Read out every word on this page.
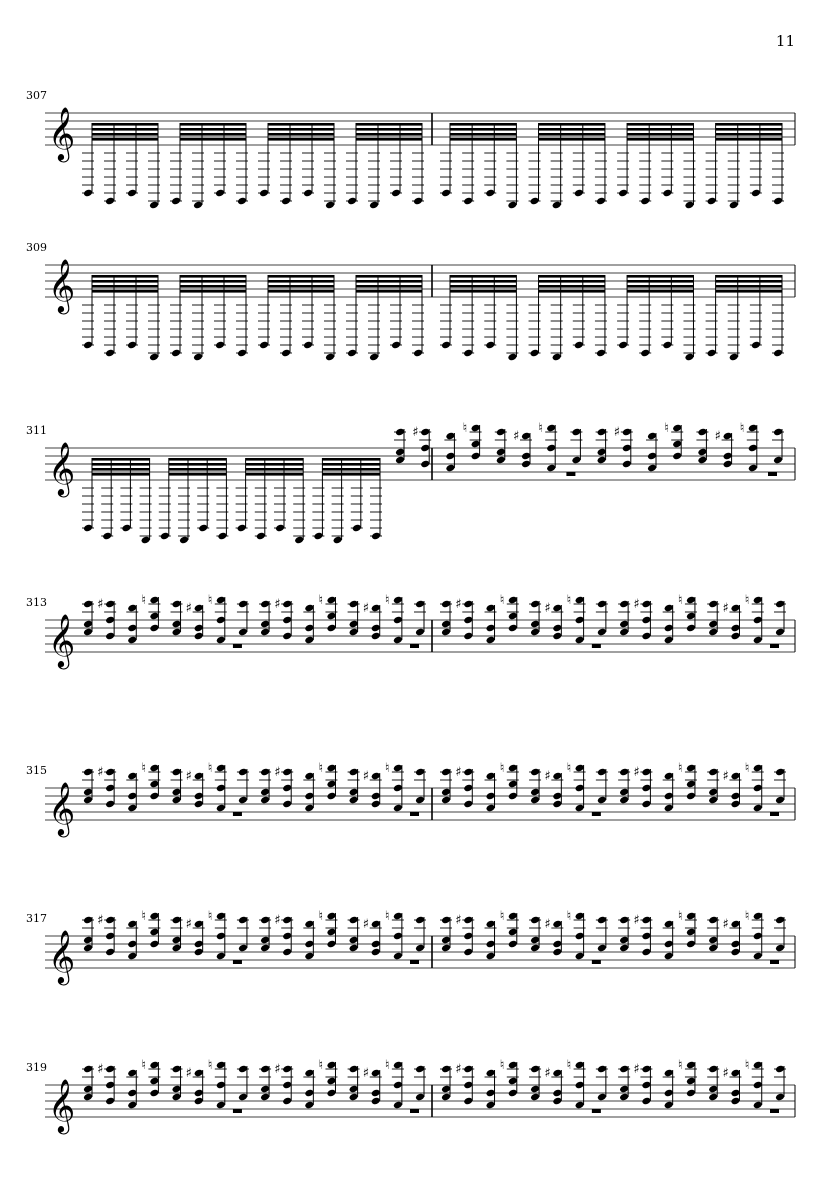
11
307
309
311
313
315
317
319
𝄞
𝄞
𝄞
♯	♮
♯
♮	♯	♮
♯
♮
𝄞
♯	♮
♯
♮	♯	♮
♯
♮	♯	♮
♯
♮	♯	♮
♯
♮
𝄞
♯	♮
♯
♮	♯	♮
♯
♮	♯	♮
♯
♮	♯	♮
♯
♮
𝄞
♯	♮
♯
♮	♯	♮
♯
♮	♯	♮
♯
♮	♯	♮
♯
♮
𝄞
♯	♮
♯
♮	♯	♮
♯
♮	♯	♮
♯
♮	♯	♮
♯
♮
